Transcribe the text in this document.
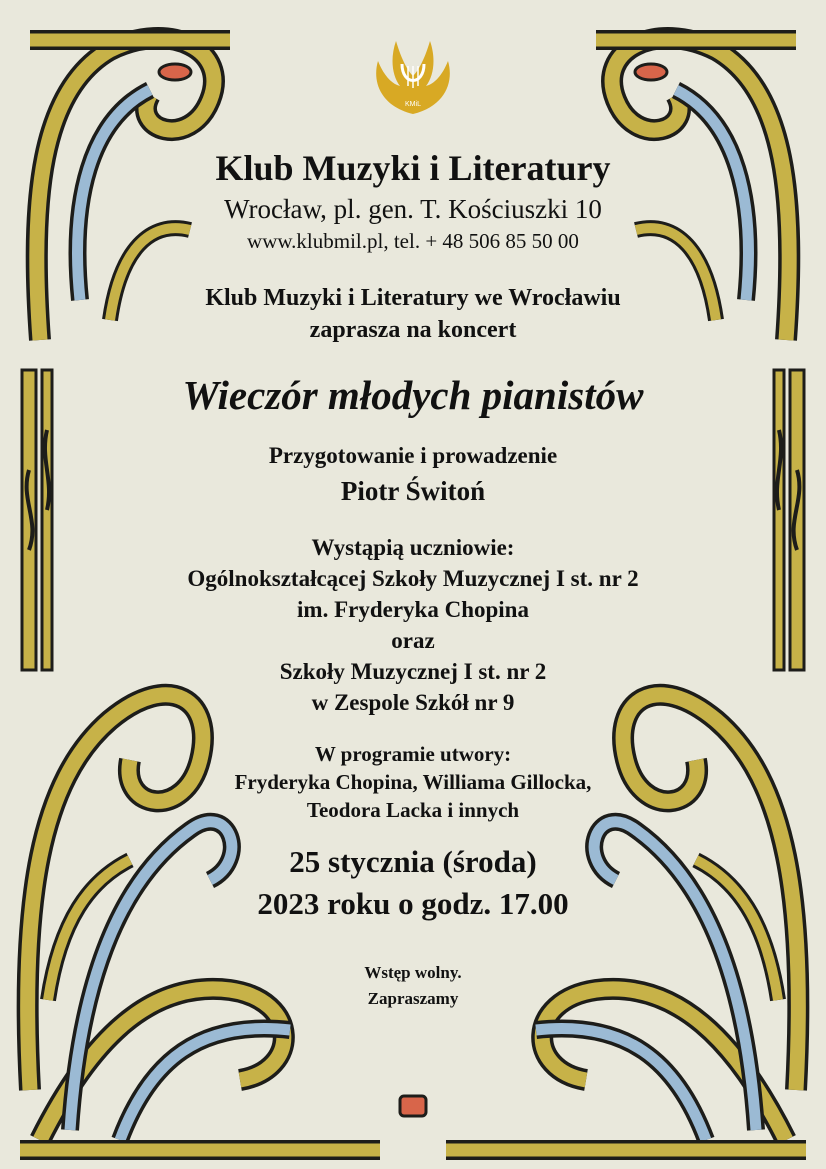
KMiL
Klub Muzyki i Literatury
Wrocław, pl. gen. T. Kościuszki 10
www.klubmil.pl, tel. + 48 506 85 50 00
Klub Muzyki i Literatury we Wrocławiu
zaprasza na koncert
Wieczór młodych pianistów
Przygotowanie i prowadzenie
Piotr Świtoń
Wystąpią uczniowie:
Ogólnokształcącej Szkoły Muzycznej I st. nr 2
im. Fryderyka Chopina
oraz
Szkoły Muzycznej I st. nr 2
w Zespole Szkół nr 9
W programie utwory:
Fryderyka Chopina, Williama Gillocka,
Teodora Lacka i innych
25 stycznia (środa)
2023 roku o godz. 17.00
Wstęp wolny.
Zapraszamy
